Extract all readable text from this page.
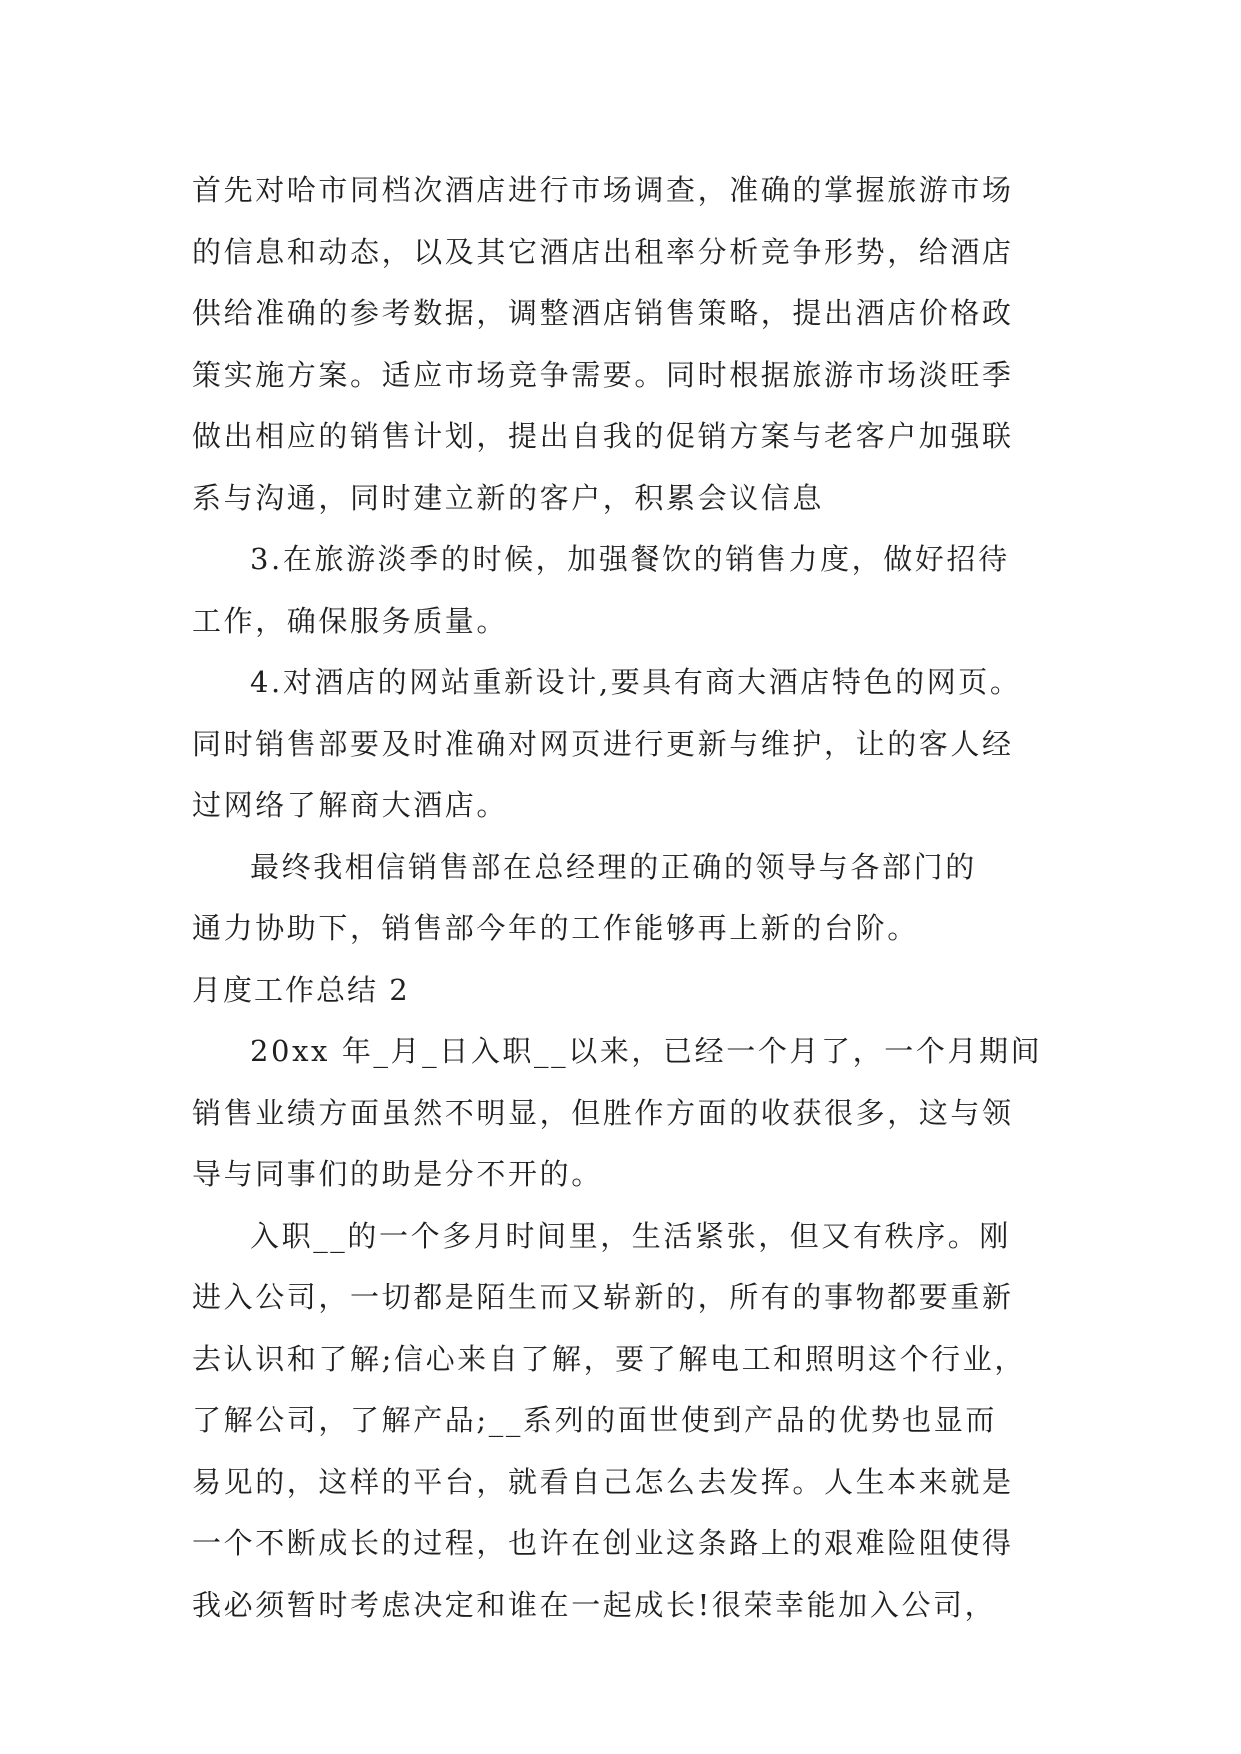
首先对哈市同档次酒店进行市场调查，准确的掌握旅游市场
的信息和动态，以及其它酒店出租率分析竞争形势，给酒店
供给准确的参考数据，调整酒店销售策略，提出酒店价格政
策实施方案。适应市场竞争需要。同时根据旅游市场淡旺季
做出相应的销售计划，提出自我的促销方案与老客户加强联
系与沟通，同时建立新的客户，积累会议信息
3.在旅游淡季的时候，加强餐饮的销售力度，做好招待
工作，确保服务质量。
4.对酒店的网站重新设计,要具有商大酒店特色的网页。
同时销售部要及时准确对网页进行更新与维护，让的客人经
过网络了解商大酒店。
最终我相信销售部在总经理的正确的领导与各部门的
通力协助下，销售部今年的工作能够再上新的台阶。
月度工作总结 2
20xx 年_月_日入职__以来，已经一个月了，一个月期间
销售业绩方面虽然不明显，但胜作方面的收获很多，这与领
导与同事们的助是分不开的。
入职__的一个多月时间里，生活紧张，但又有秩序。刚
进入公司，一切都是陌生而又崭新的，所有的事物都要重新
去认识和了解;信心来自了解，要了解电工和照明这个行业，
了解公司，了解产品;__系列的面世使到产品的优势也显而
易见的，这样的平台，就看自己怎么去发挥。人生本来就是
一个不断成长的过程，也许在创业这条路上的艰难险阻使得
我必须暂时考虑决定和谁在一起成长!很荣幸能加入公司，
